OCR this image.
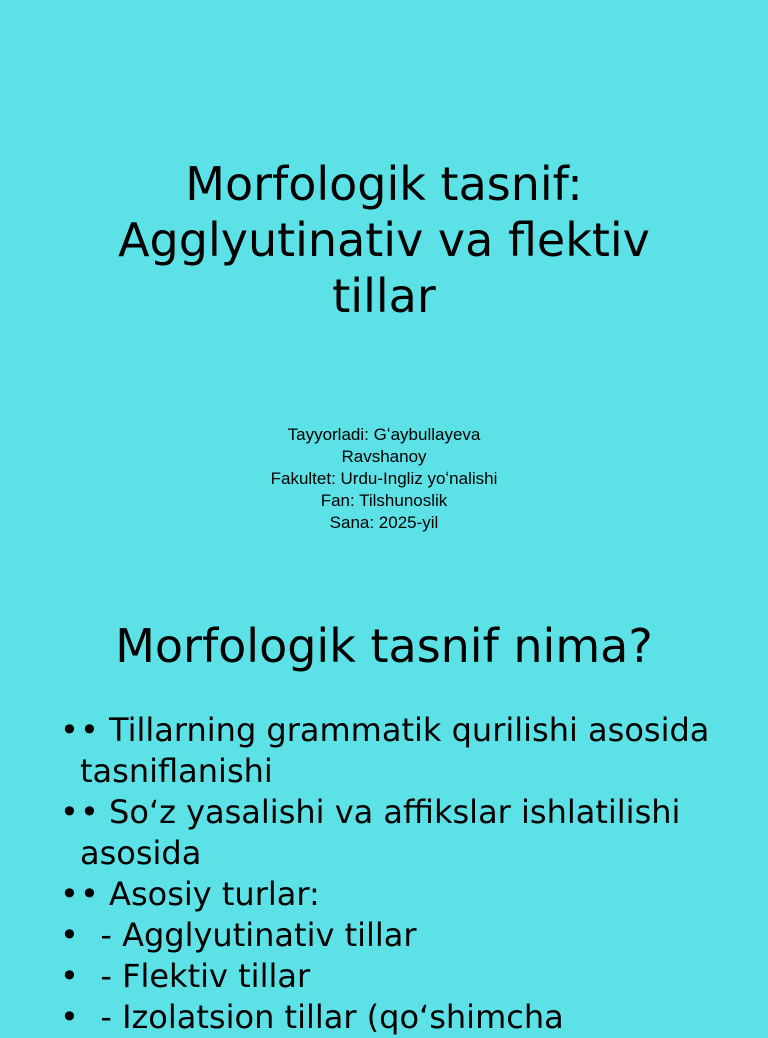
Morfologik tasnif: Agglyutinativ va flektiv tillar
Tayyorladi: Gʻaybullayeva
Ravshanoy
Fakultet: Urdu-Ingliz yoʻnalishi
Fan: Tilshunoslik
Sana: 2025-yil
Morfologik tasnif nima?
• • Tillarning grammatik qurilishi asosida tasniflanishi
• • Soʻz yasalishi va affikslar ishlatilishi asosida
• • Asosiy turlar:
•   - Agglyutinativ tillar
•   - Flektiv tillar
•   - Izolatsion tillar (qoʻshimcha
